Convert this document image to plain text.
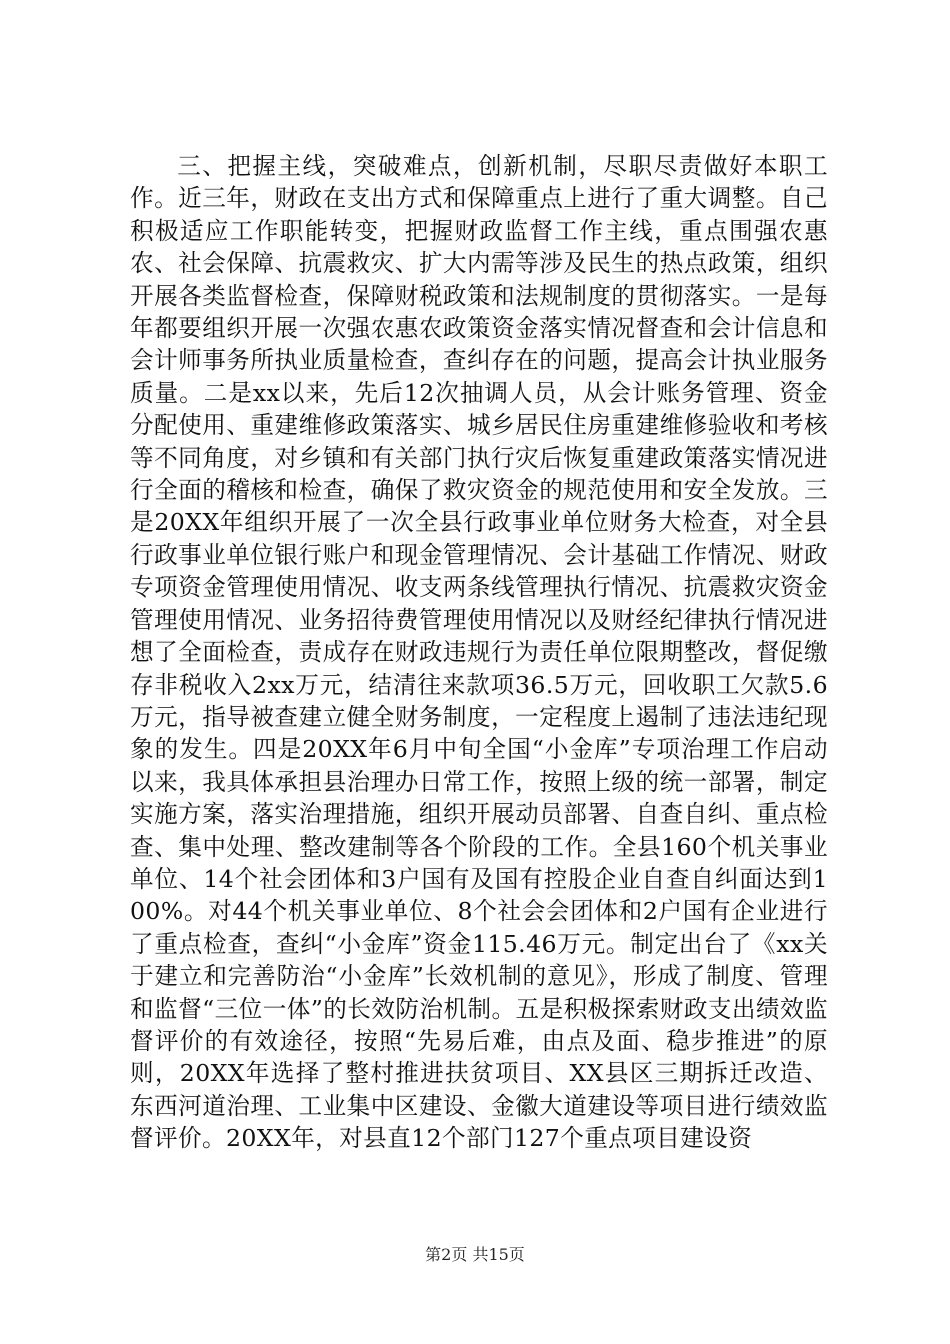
三、把握主线，突破难点，创新机制，尽职尽责做好本职工作。近三年，财政在支出方式和保障重点上进行了重大调整。自己积极适应工作职能转变，把握财政监督工作主线，重点围强农惠农、社会保障、抗震救灾、扩大内需等涉及民生的热点政策，组织开展各类监督检查，保障财税政策和法规制度的贯彻落实。一是每年都要组织开展一次强农惠农政策资金落实情况督查和会计信息和会计师事务所执业质量检查，查纠存在的问题，提高会计执业服务质量。二是xx以来，先后12次抽调人员，从会计账务管理、资金分配使用、重建维修政策落实、城乡居民住房重建维修验收和考核等不同角度，对乡镇和有关部门执行灾后恢复重建政策落实情况进行全面的稽核和检查，确保了救灾资金的规范使用和安全发放。三是20XX年组织开展了一次全县行政事业单位财务大检查，对全县行政事业单位银行账户和现金管理情况、会计基础工作情况、财政专项资金管理使用情况、收支两条线管理执行情况、抗震救灾资金管理使用情况、业务招待费管理使用情况以及财经纪律执行情况进想了全面检查，责成存在财政违规行为责任单位限期整改，督促缴存非税收入2xx万元，结清往来款项36.5万元，回收职工欠款5.6万元，指导被查建立健全财务制度，一定程度上遏制了违法违纪现象的发生。四是20XX年6月中旬全国“小金库”专项治理工作启动以来，我具体承担县治理办日常工作，按照上级的统一部署，制定实施方案，落实治理措施，组织开展动员部署、自查自纠、重点检查、集中处理、整改建制等各个阶段的工作。全县160个机关事业单位、14个社会团体和3户国有及国有控股企业自查自纠面达到100%。对44个机关事业单位、8个社会会团体和2户国有企业进行了重点检查，查纠“小金库”资金115.46万元。制定出台了《xx关于建立和完善防治“小金库”长效机制的意见》，形成了制度、管理和监督“三位一体”的长效防治机制。五是积极探索财政支出绩效监督评价的有效途径，按照“先易后难，由点及面、稳步推进”的原则，20XX年选择了整村推进扶贫项目、XX县区三期拆迁改造、东西河道治理、工业集中区建设、金徽大道建设等项目进行绩效监督评价。20XX年，对县直12个部门127个重点项目建设资

第2页 共15页
